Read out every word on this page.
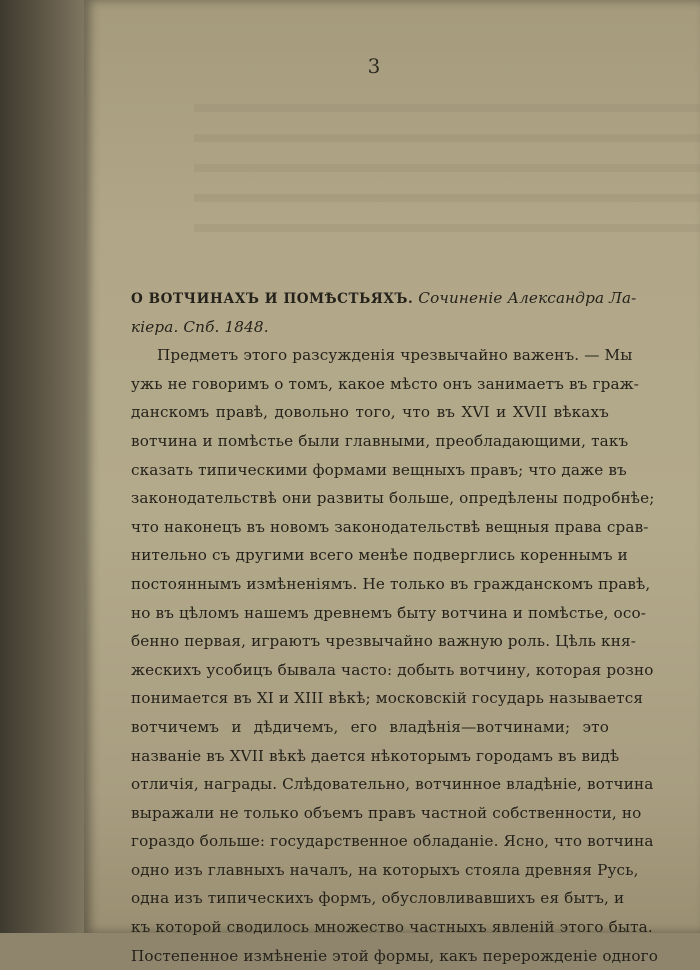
3
О ВОТЧИНАХЪ И ПОМѢСТЬЯХЪ. Сочиненіе Александра Ла-
кіера. Спб. 1848.
Предметъ этого разсужденія чрезвычайно важенъ. — Мы
ужь не говоримъ о томъ, какое мѣсто онъ занимаетъ въ граж-
данскомъ правѣ, довольно того, что въ XVI и XVII вѣкахъ
вотчина и помѣстье были главными, преобладающими, такъ
сказать типическими формами вещныхъ правъ; что даже въ
законодательствѣ они развиты больше, опредѣлены подробнѣе;
что наконецъ въ новомъ законодательствѣ вещныя права срав-
нительно съ другими всего менѣе подверглись кореннымъ и
постояннымъ измѣненіямъ. Не только въ гражданскомъ правѣ,
но въ цѣломъ нашемъ древнемъ быту вотчина и помѣстье, осо-
бенно первая, играютъ чрезвычайно важную роль. Цѣль кня-
жескихъ усобицъ бывала часто: добыть вотчину, которая розно
понимается въ XI и XIII вѣкѣ; московскій государь называется
вотчичемъ и дѣдичемъ, его владѣнія—вотчинами; это
названіе въ XVII вѣкѣ дается нѣкоторымъ городамъ въ видѣ
отличія, награды. Слѣдовательно, вотчинное владѣніе, вотчина
выражали не только объемъ правъ частной собственности, но
гораздо больше: государственное обладаніе. Ясно, что вотчина
одно изъ главныхъ началъ, на которыхъ стояла древняя Русь,
одна изъ типическихъ формъ, обусловливавшихъ ея бытъ, и
къ которой сводилось множество частныхъ явленій этого быта.
Постепенное измѣненіе этой формы, какъ перерожденіе одного
